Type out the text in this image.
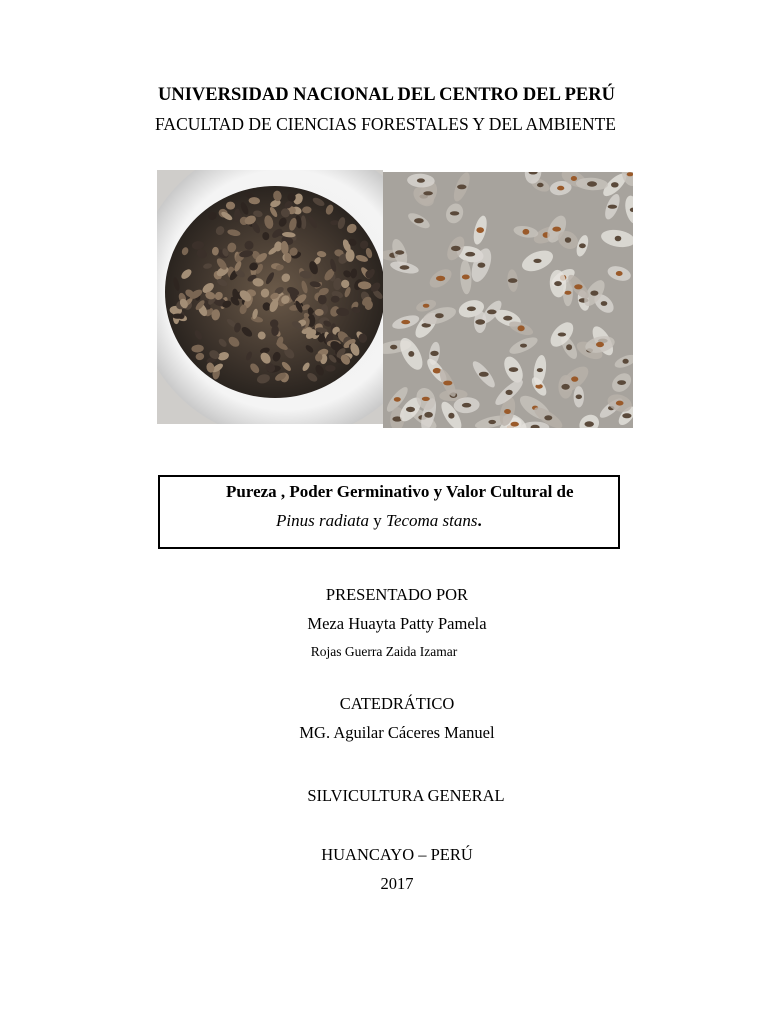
UNIVERSIDAD NACIONAL DEL CENTRO DEL PERÚ
FACULTAD DE CIENCIAS FORESTALES Y DEL AMBIENTE
Pureza , Poder Germinativo y Valor Cultural de
Pinus radiata y Tecoma stans.
PRESENTADO POR
Meza Huayta Patty Pamela
Rojas Guerra Zaida Izamar
CATEDRÁTICO
MG. Aguilar Cáceres Manuel
SILVICULTURA GENERAL
HUANCAYO – PERÚ
2017
